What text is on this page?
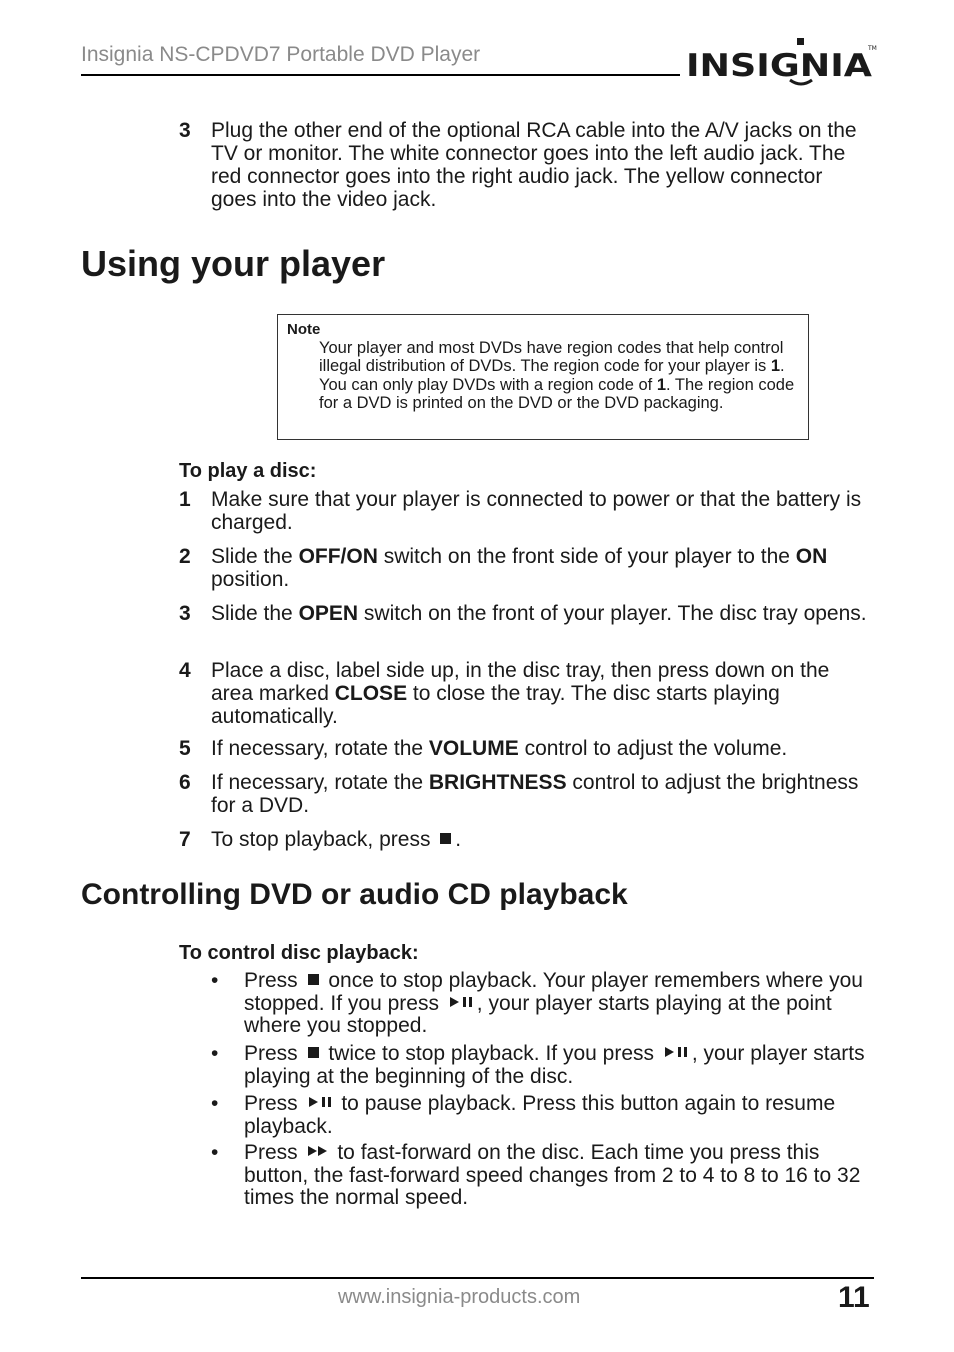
Insignia NS-CPDVD7 Portable DVD Player	INSIGNIA
TM
3 Plug the other end of the optional RCA cable into the A/V jacks on the TV or monitor. The white connector goes into the left audio jack. The red connector goes into the right audio jack. The yellow connector goes into the video jack.
Using your player
Note
Your player and most DVDs have region codes that help control illegal distribution of DVDs. The region code for your player is 1. You can only play DVDs with a region code of 1. The region code for a DVD is printed on the DVD or the DVD packaging.
To play a disc:
1 Make sure that your player is connected to power or that the battery is charged.
2 Slide the OFF/ON switch on the front side of your player to the ON position.
3 Slide the OPEN switch on the front of your player. The disc tray opens.
4 Place a disc, label side up, in the disc tray, then press down on the area marked CLOSE to close the tray. The disc starts playing automatically.
5 If necessary, rotate the VOLUME control to adjust the volume.
6 If necessary, rotate the BRIGHTNESS control to adjust the brightness for a DVD.
7 To stop playback, press .
Controlling DVD or audio CD playback
To control disc playback:
• Press  once to stop playback. Your player remembers where you stopped. If you press , your player starts playing at the point where you stopped.
• Press  twice to stop playback. If you press , your player starts playing at the beginning of the disc.
• Press  to pause playback. Press this button again to resume playback.
• Press  to fast-forward on the disc. Each time you press this button, the fast-forward speed changes from 2 to 4 to 8 to 16 to 32 times the normal speed.
www.insignia-products.com	11
